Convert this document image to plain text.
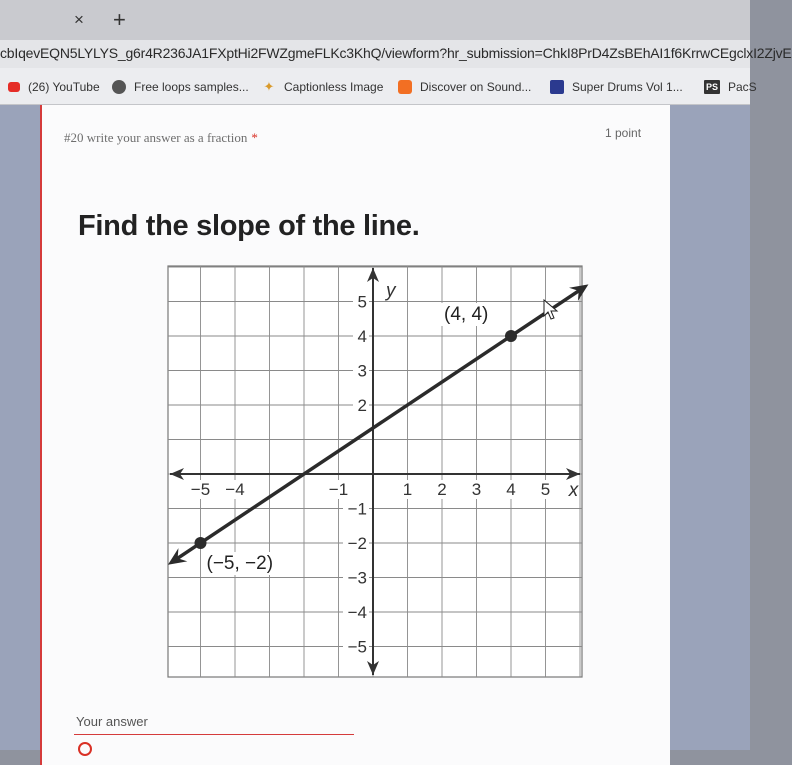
× +
cbIqevEQN5LYLYS_g6r4R236JA1FXptHi2FWZgmeFLKc3KhQ/viewform?hr_submission=ChkI8PrD4ZsBEhAI1f6KrrwCEgclxI2ZjvE
(26) YouTube	Free loops samples... ✦ Captionless Image	Discover on Sound...	Super Drums Vol 1...	PS PacS
#20 write your answer as a fraction *	1 point
Find the slope of the line.
x
y
−5 −4	−1	1 2 3 4 5
5
4
3
2
−1
−2
−3
−4
−5
(−5, −2)
(4, 4)
Your answer
